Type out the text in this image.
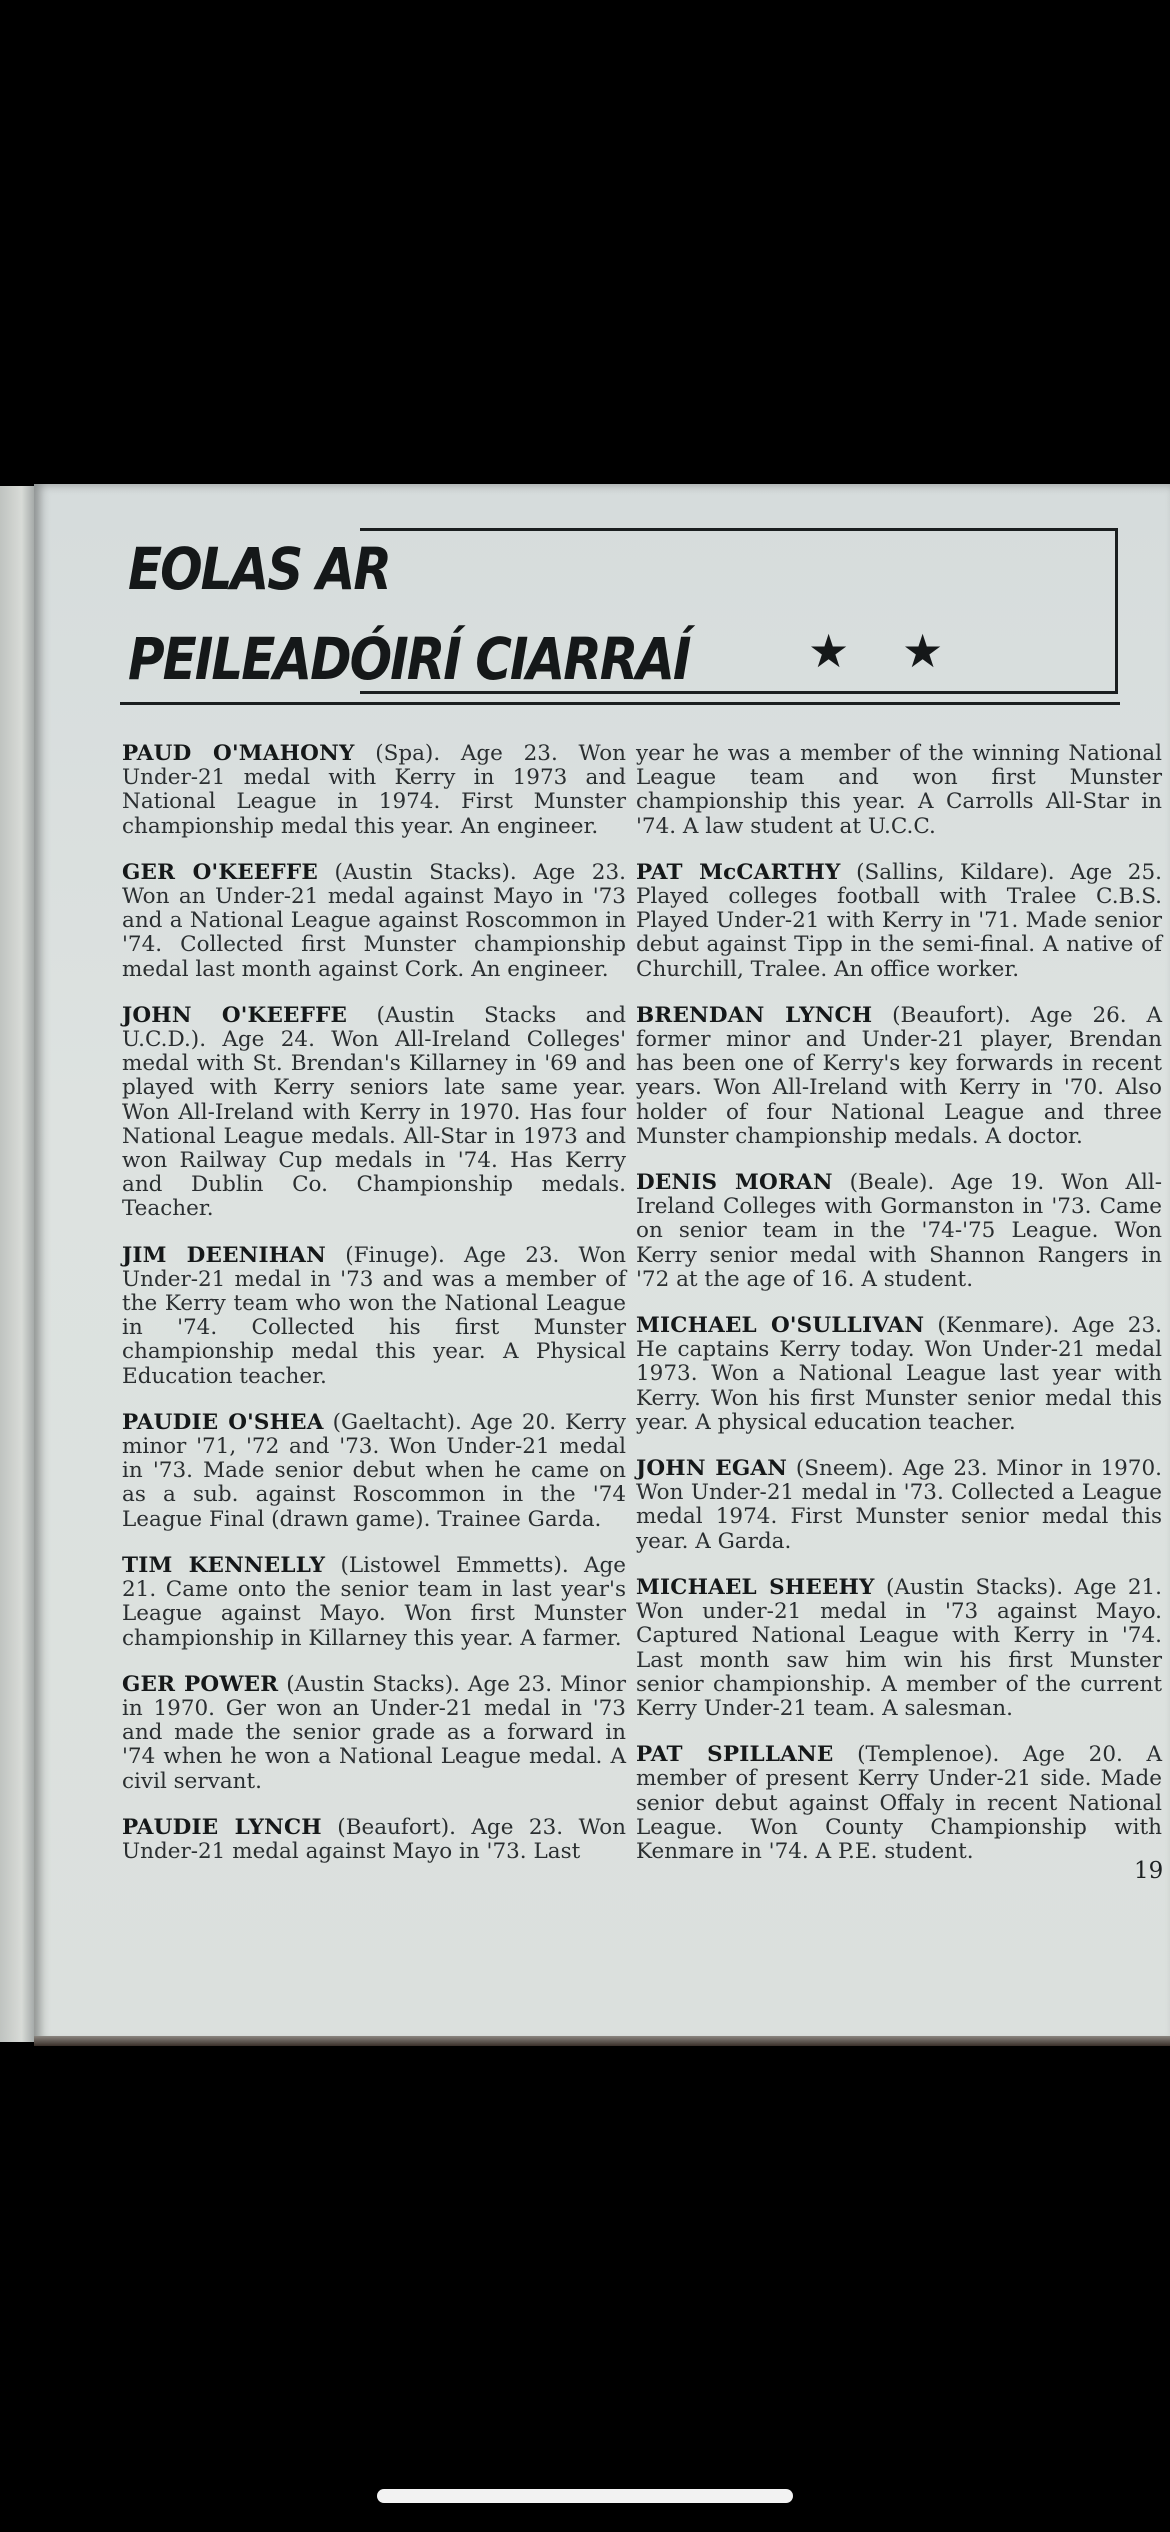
EOLAS AR
PEILEADÓIRÍ CIARRAÍ	★ ★

PAUD O'MAHONY (Spa). Age 23. Won Under-21 medal with Kerry in 1973 and National League in 1974. First Munster championship medal this year. An engineer.

GER O'KEEFFE (Austin Stacks). Age 23. Won an Under-21 medal against Mayo in '73 and a National League against Roscommon in '74. Collected first Munster championship medal last month against Cork. An engineer.

JOHN O'KEEFFE (Austin Stacks and U.C.D.). Age 24. Won All-Ireland Colleges' medal with St. Brendan's Killarney in '69 and played with Kerry seniors late same year. Won All-Ireland with Kerry in 1970. Has four National League medals. All-Star in 1973 and won Railway Cup medals in '74. Has Kerry and Dublin Co. Championship medals. Teacher.

JIM DEENIHAN (Finuge). Age 23. Won Under-21 medal in '73 and was a member of the Kerry team who won the National League in '74. Collected his first Munster championship medal this year. A Physical Education teacher.

PAUDIE O'SHEA (Gaeltacht). Age 20. Kerry minor '71, '72 and '73. Won Under-21 medal in '73. Made senior debut when he came on as a sub. against Roscommon in the '74 League Final (drawn game). Trainee Garda.

TIM KENNELLY (Listowel Emmetts). Age 21. Came onto the senior team in last year's League against Mayo. Won first Munster championship in Killarney this year. A farmer.

GER POWER (Austin Stacks). Age 23. Minor in 1970. Ger won an Under-21 medal in '73 and made the senior grade as a forward in '74 when he won a National League medal. A civil servant.

PAUDIE LYNCH (Beaufort). Age 23. Won Under-21 medal against Mayo in '73. Last

year he was a member of the winning National League team and won first Munster championship this year. A Carrolls All-Star in '74. A law student at U.C.C.

PAT McCARTHY (Sallins, Kildare). Age 25. Played colleges football with Tralee C.B.S. Played Under-21 with Kerry in '71. Made senior debut against Tipp in the semi-final. A native of Churchill, Tralee. An office worker.

BRENDAN LYNCH (Beaufort). Age 26. A former minor and Under-21 player, Brendan has been one of Kerry's key forwards in recent years. Won All-Ireland with Kerry in '70. Also holder of four National League and three Munster championship medals. A doctor.

DENIS MORAN (Beale). Age 19. Won All-Ireland Colleges with Gormanston in '73. Came on senior team in the '74-'75 League. Won Kerry senior medal with Shannon Rangers in '72 at the age of 16. A student.

MICHAEL O'SULLIVAN (Kenmare). Age 23. He captains Kerry today. Won Under-21 medal 1973. Won a National League last year with Kerry. Won his first Munster senior medal this year. A physical education teacher.

JOHN EGAN (Sneem). Age 23. Minor in 1970. Won Under-21 medal in '73. Collected a League medal 1974. First Munster senior medal this year. A Garda.

MICHAEL SHEEHY (Austin Stacks). Age 21. Won under-21 medal in '73 against Mayo. Captured National League with Kerry in '74. Last month saw him win his first Munster senior championship. A member of the current Kerry Under-21 team. A salesman.

PAT SPILLANE (Templenoe). Age 20. A member of present Kerry Under-21 side. Made senior debut against Offaly in recent National League. Won County Championship with Kenmare in '74. A P.E. student.

19
